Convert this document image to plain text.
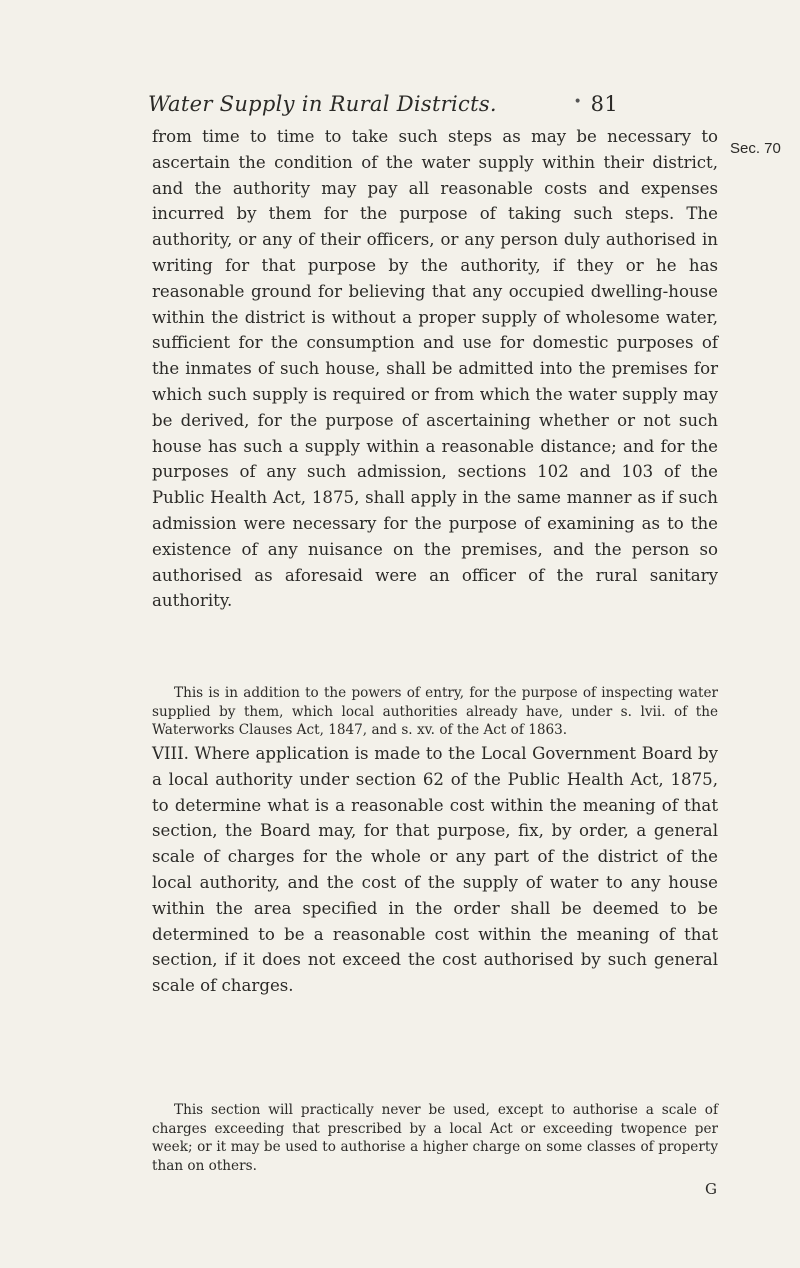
Water Supply in Rural Districts.	• 81
Sec. 70

from time to time to take such steps as may be necessary to ascertain the condition of the water supply within their district, and the authority may pay all reasonable costs and expenses incurred by them for the purpose of taking such steps. The authority, or any of their officers, or any person duly authorised in writing for that purpose by the authority, if they or he has reasonable ground for believing that any occupied dwelling-house within the district is without a proper supply of wholesome water, sufficient for the consumption and use for domestic purposes of the inmates of such house, shall be admitted into the premises for which such supply is required or from which the water supply may be derived, for the purpose of ascertaining whether or not such house has such a supply within a reasonable distance; and for the purposes of any such admission, sections 102 and 103 of the Public Health Act, 1875, shall apply in the same manner as if such admission were necessary for the purpose of examining as to the existence of any nuisance on the premises, and the person so authorised as aforesaid were an officer of the rural sanitary authority.

This is in addition to the powers of entry, for the purpose of inspecting water supplied by them, which local authorities already have, under s. lvii. of the Waterworks Clauses Act, 1847, and s. xv. of the Act of 1863.

VIII. Where application is made to the Local Government Board by a local authority under section 62 of the Public Health Act, 1875, to determine what is a reasonable cost within the meaning of that section, the Board may, for that purpose, fix, by order, a general scale of charges for the whole or any part of the district of the local authority, and the cost of the supply of water to any house within the area specified in the order shall be deemed to be determined to be a reasonable cost within the meaning of that section, if it does not exceed the cost authorised by such general scale of charges.

This section will practically never be used, except to authorise a scale of charges exceeding that prescribed by a local Act or exceeding twopence per week; or it may be used to authorise a higher charge on some classes of property than on others.

G
